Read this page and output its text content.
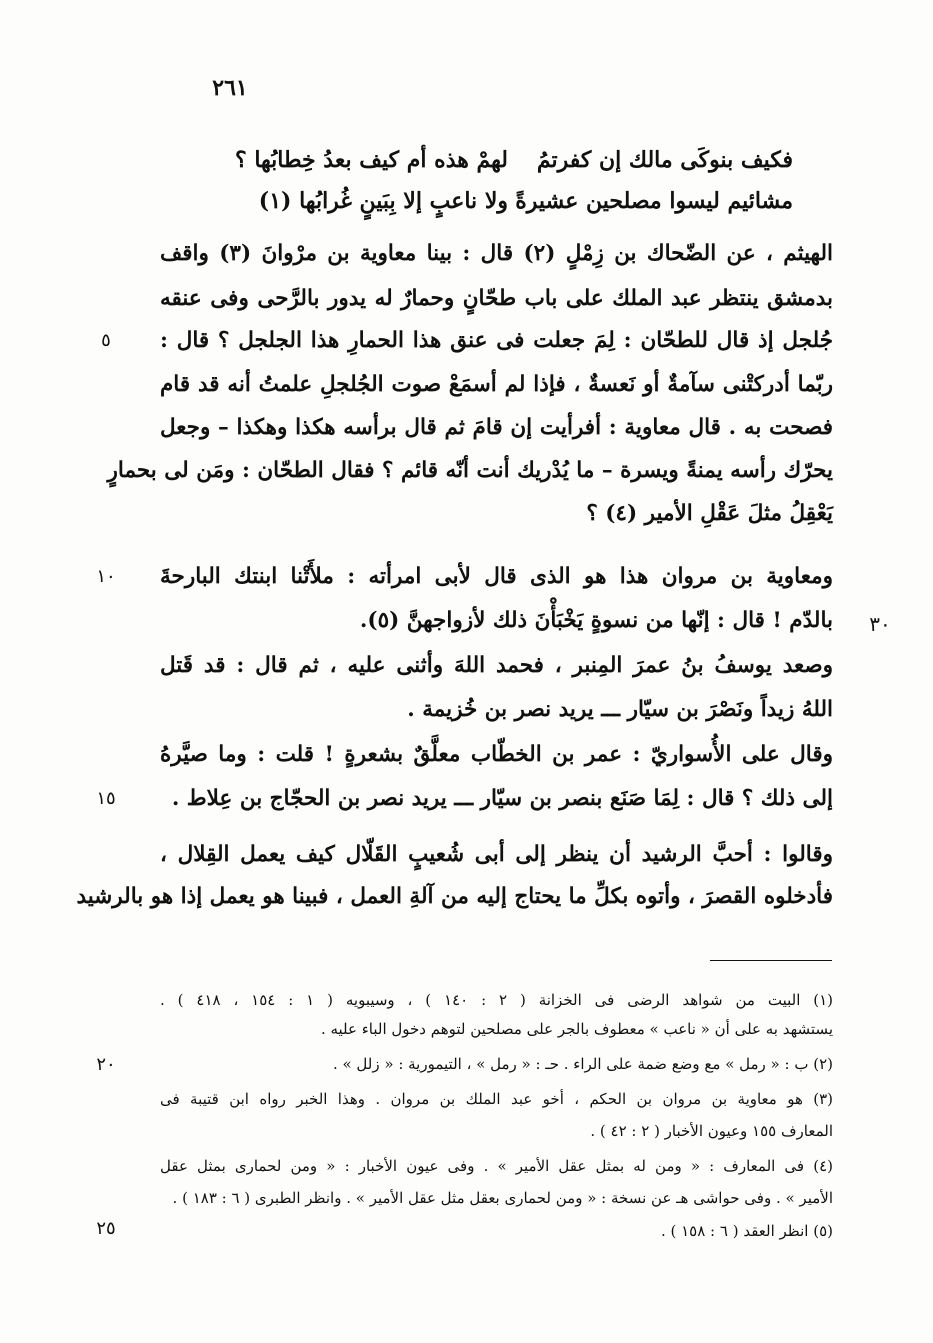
٢٦١
فكيف بنوكَى مالك إن كفرتمُ
لهمْ هذه أم كيف بعدُ خِطابُها ؟
مشائيم ليسوا مصلحين عشيرةً
ولا ناعبٍ إلا بِبَينٍ غُرابُها (١)
الهيثم ، عن الضّحاك بن زِمْلٍ (٢) قال : بينا معاوية بن مرْوانَ (٣) واقف
بدمشق ينتظر عبد الملك على باب طحّانٍ وحمارٌ له يدور بالرَّحى وفى عنقه
جُلجل إذ قال للطحّان : لِمَ جعلت فى عنق هذا الحمارِ هذا الجلجل ؟ قال :
ربّما أدركتْنى سآمةٌ أو نَعسةٌ ، فإذا لم أسمَعْ صوت الجُلجلِ علمتُ أنه قد قام
فصحت به . قال معاوية : أفرأيت إن قامَ ثم قال برأسه هكذا وهكذا – وجعل
يحرّك رأسه يمنةً ويسرة – ما يُدْريك أنت أنّه قائم ؟ فقال الطحّان : ومَن لى بحمارٍ
يَعْقِلُ مثلَ عَقْلِ الأمير (٤) ؟
ومعاوية بن مروان هذا هو الذى قال لأبى امرأته : ملأَتْنا ابنتك البارحةَ
بالدّم ! قال : إنّها من نسوةٍ يَخْبَأْنَ ذلك لأزواجهنَّ (٥).
وصعد يوسفُ بنُ عمرَ المِنبر ، فحمد اللهَ وأثنى عليه ، ثم قال : قد قَتل
اللهُ زيداً ونَصْرَ بن سيّار ـــ يريد نصر بن خُزيمة .
وقال على الأُسواريّ : عمر بن الخطّاب معلَّقٌ بشعرةٍ ! قلت : وما صيَّرهُ
إلى ذلك ؟ قال : لِمَا صَنَع بنصر بن سيّار ـــ يريد نصر بن الحجّاج بن عِلاط .
وقالوا : أحبَّ الرشيد أن ينظر إلى أبى شُعيبٍ القَلّال كيف يعمل القِلال ،
فأدخلوه القصرَ ، وأتوه بكلِّ ما يحتاج إليه من آلةِ العمل ، فبينا هو يعمل إذا هو بالرشيد
٥
١٠
١٥
٢٠
٢٥
٣٠
(١) البيت من شواهد الرضى فى الخزانة ( ٢ : ١٤٠ ) ، وسيبويه ( ١ : ١٥٤ ، ٤١٨ ) .
يستشهد به على أن « ناعب » معطوف بالجر على مصلحين لتوهم دخول الباء عليه .
(٢) ب : « رمل » مع وضع ضمة على الراء . حـ : « رمل » ، التيمورية : « زلل » .
(٣) هو معاوية بن مروان بن الحكم ، أخو عبد الملك بن مروان . وهذا الخبر رواه ابن قتيبة فى
المعارف ١٥٥ وعيون الأخبار ( ٢ : ٤٢ ) .
(٤) فى المعارف : « ومن له بمثل عقل الأمير » . وفى عيون الأخبار : « ومن لحمارى بمثل عقل
الأمير » . وفى حواشى هـ عن نسخة : « ومن لحمارى بعقل مثل عقل الأمير » . وانظر الطبرى ( ٦ : ١٨٣ ) .
(٥) انظر العقد ( ٦ : ١٥٨ ) .
